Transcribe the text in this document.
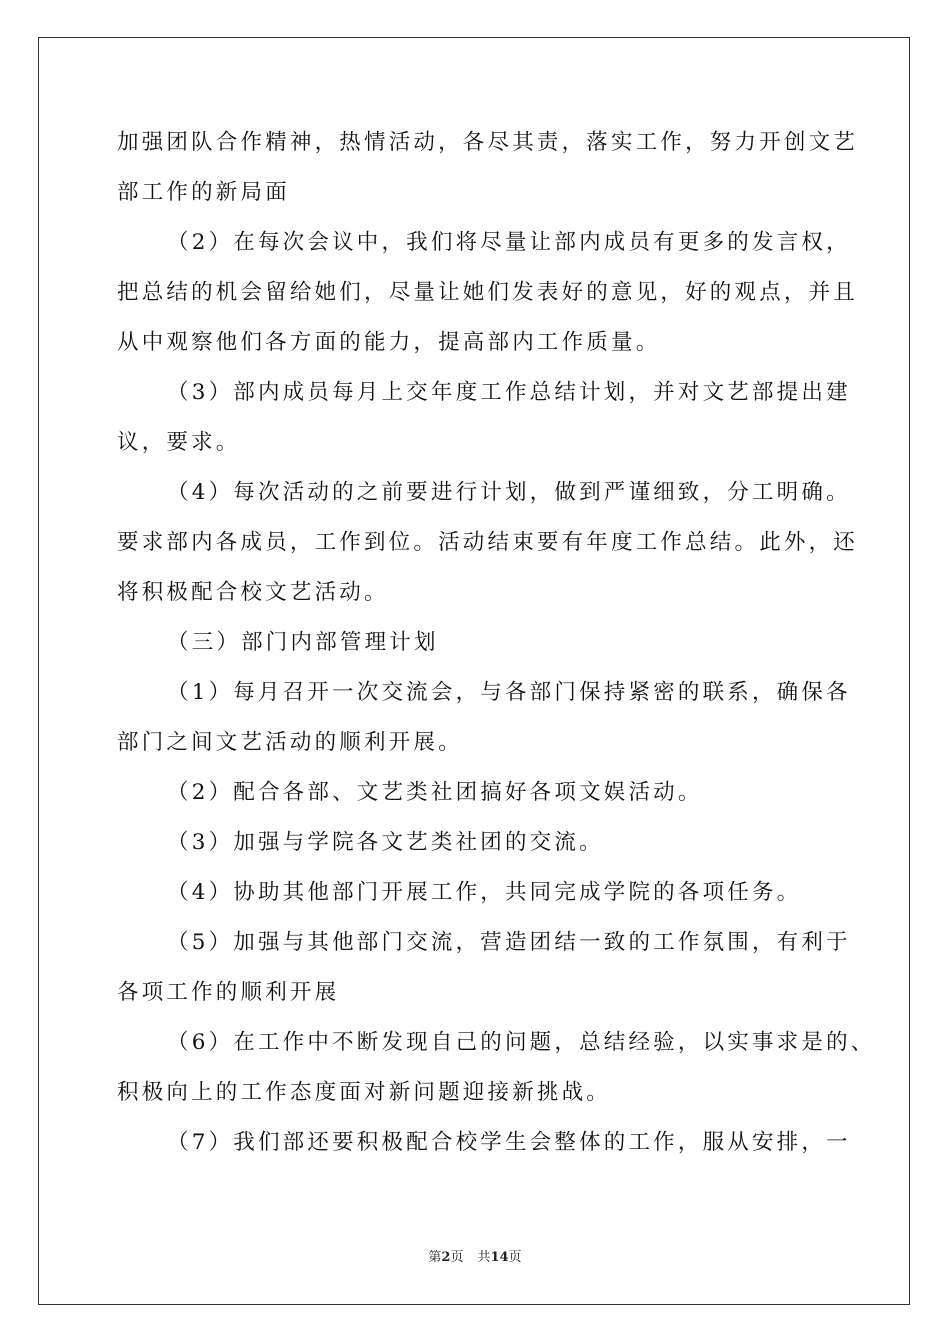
加强团队合作精神，热情活动，各尽其责，落实工作，努力开创文艺
部工作的新局面
（2）在每次会议中，我们将尽量让部内成员有更多的发言权，
把总结的机会留给她们，尽量让她们发表好的意见，好的观点，并且
从中观察他们各方面的能力，提高部内工作质量。
（3）部内成员每月上交年度工作总结计划，并对文艺部提出建
议，要求。
（4）每次活动的之前要进行计划，做到严谨细致，分工明确。
要求部内各成员，工作到位。活动结束要有年度工作总结。此外，还
将积极配合校文艺活动。
（三）部门内部管理计划
（1）每月召开一次交流会，与各部门保持紧密的联系，确保各
部门之间文艺活动的顺利开展。
（2）配合各部、文艺类社团搞好各项文娱活动。
（3）加强与学院各文艺类社团的交流。
（4）协助其他部门开展工作，共同完成学院的各项任务。
（5）加强与其他部门交流，营造团结一致的工作氛围，有利于
各项工作的顺利开展
（6）在工作中不断发现自己的问题，总结经验，以实事求是的、
积极向上的工作态度面对新问题迎接新挑战。
（7）我们部还要积极配合校学生会整体的工作，服从安排，一
第2页 共14页
